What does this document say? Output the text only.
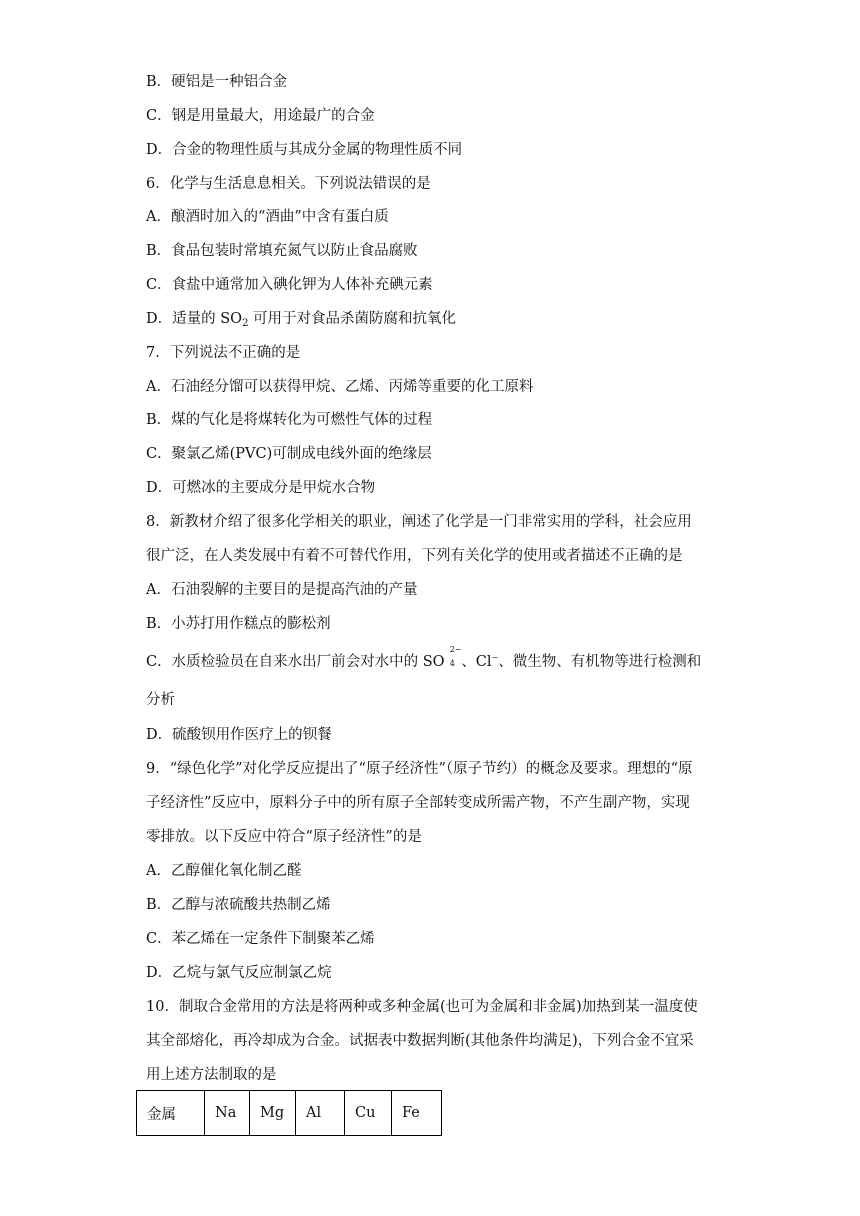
B．硬铝是一种铝合金
C．钢是用量最大，用途最广的合金
D．合金的物理性质与其成分金属的物理性质不同
6．化学与生活息息相关。下列说法错误的是
A．酿酒时加入的“酒曲”中含有蛋白质
B．食品包装时常填充氮气以防止食品腐败
C．食盐中通常加入碘化钾为人体补充碘元素
D．适量的 $SO_2$ 可用于对食品杀菌防腐和抗氧化
7．下列说法不正确的是
A．石油经分馏可以获得甲烷、乙烯、丙烯等重要的化工原料
B．煤的气化是将煤转化为可燃性气体的过程
C．聚氯乙烯(PVC)可制成电线外面的绝缘层
D．可燃冰的主要成分是甲烷水合物
8．新教材介绍了很多化学相关的职业，阐述了化学是一门非常实用的学科，社会应用
很广泛，在人类发展中有着不可替代作用，下列有关化学的使用或者描述不正确的是
A．石油裂解的主要目的是提高汽油的产量
B．小苏打用作糕点的膨松剂
C．水质检验员在自来水出厂前会对水中的 SO
2−
4 、Cl−、微生物、有机物等进行检测和
分析
D．硫酸钡用作医疗上的钡餐
9．“绿色化学”对化学反应提出了“原子经济性”（原子节约）的概念及要求。理想的“原
子经济性”反应中，原料分子中的所有原子全部转变成所需产物，不产生副产物，实现
零排放。以下反应中符合“原子经济性”的是
A．乙醇催化氧化制乙醛
B．乙醇与浓硫酸共热制乙烯
C．苯乙烯在一定条件下制聚苯乙烯
D．乙烷与氯气反应制氯乙烷
10．制取合金常用的方法是将两种或多种金属(也可为金属和非金属)加热到某一温度使
其全部熔化，再冷却成为合金。试据表中数据判断(其他条件均满足)，下列合金不宜采
用上述方法制取的是
金属	Na	Mg	Al	Cu	Fe
